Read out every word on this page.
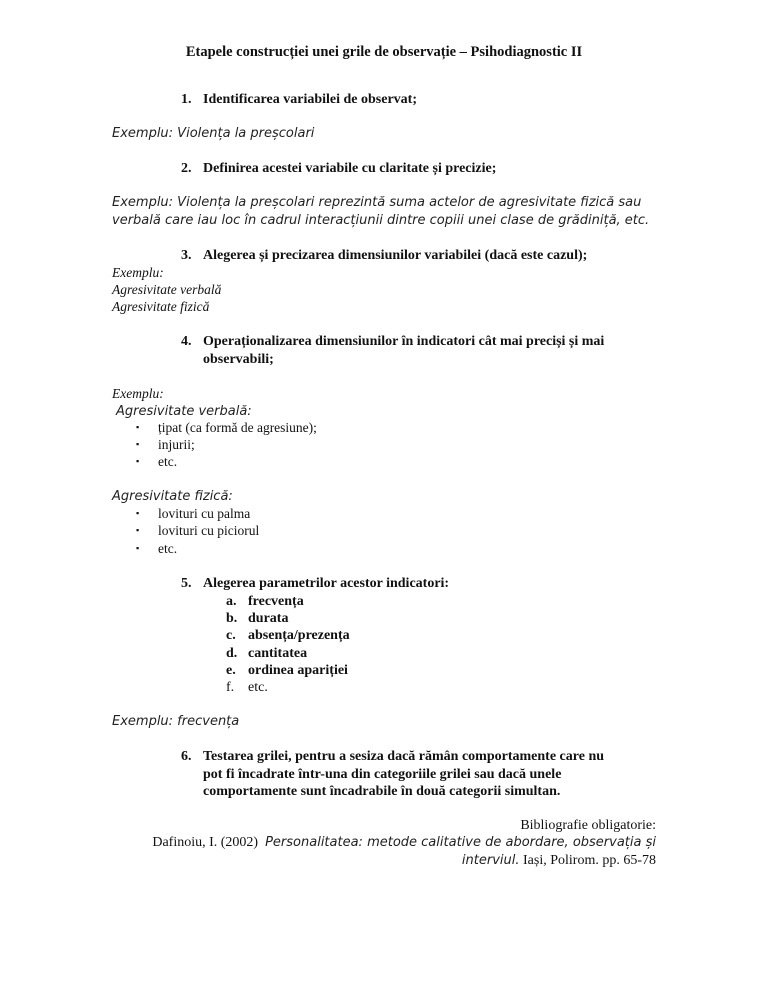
Etapele construcției unei grile de observație – Psihodiagnostic II
1. Identificarea variabilei de observat;
Exemplu: Violența la preșcolari
2. Definirea acestei variabile cu claritate și precizie;
Exemplu: Violența la preșcolari reprezintă suma actelor de agresivitate fizică sau
verbală care iau loc în cadrul interacțiunii dintre copiii unei clase de grădiniță, etc.
3. Alegerea și precizarea dimensiunilor variabilei (dacă este cazul);
Exemplu:
Agresivitate verbală
Agresivitate fizică
4. Operaționalizarea dimensiunilor în indicatori cât mai preciși și mai
observabili;
Exemplu:
Agresivitate verbală:
▪ țipat (ca formă de agresiune);
▪ injurii;
▪ etc.
Agresivitate fizică:
▪ lovituri cu palma
▪ lovituri cu piciorul
▪ etc.
5. Alegerea parametrilor acestor indicatori:
a. frecvența
b. durata
c. absența/prezența
d. cantitatea
e. ordinea apariției
f. etc.
Exemplu: frecvența
6. Testarea grilei, pentru a sesiza dacă rămân comportamente care nu
pot fi încadrate într-una din categoriile grilei sau dacă unele
comportamente sunt încadrabile în două categorii simultan.
Bibliografie obligatorie:
Dafinoiu, I. (2002) Personalitatea: metode calitative de abordare, observația și
interviul. Iași, Polirom. pp. 65-78
